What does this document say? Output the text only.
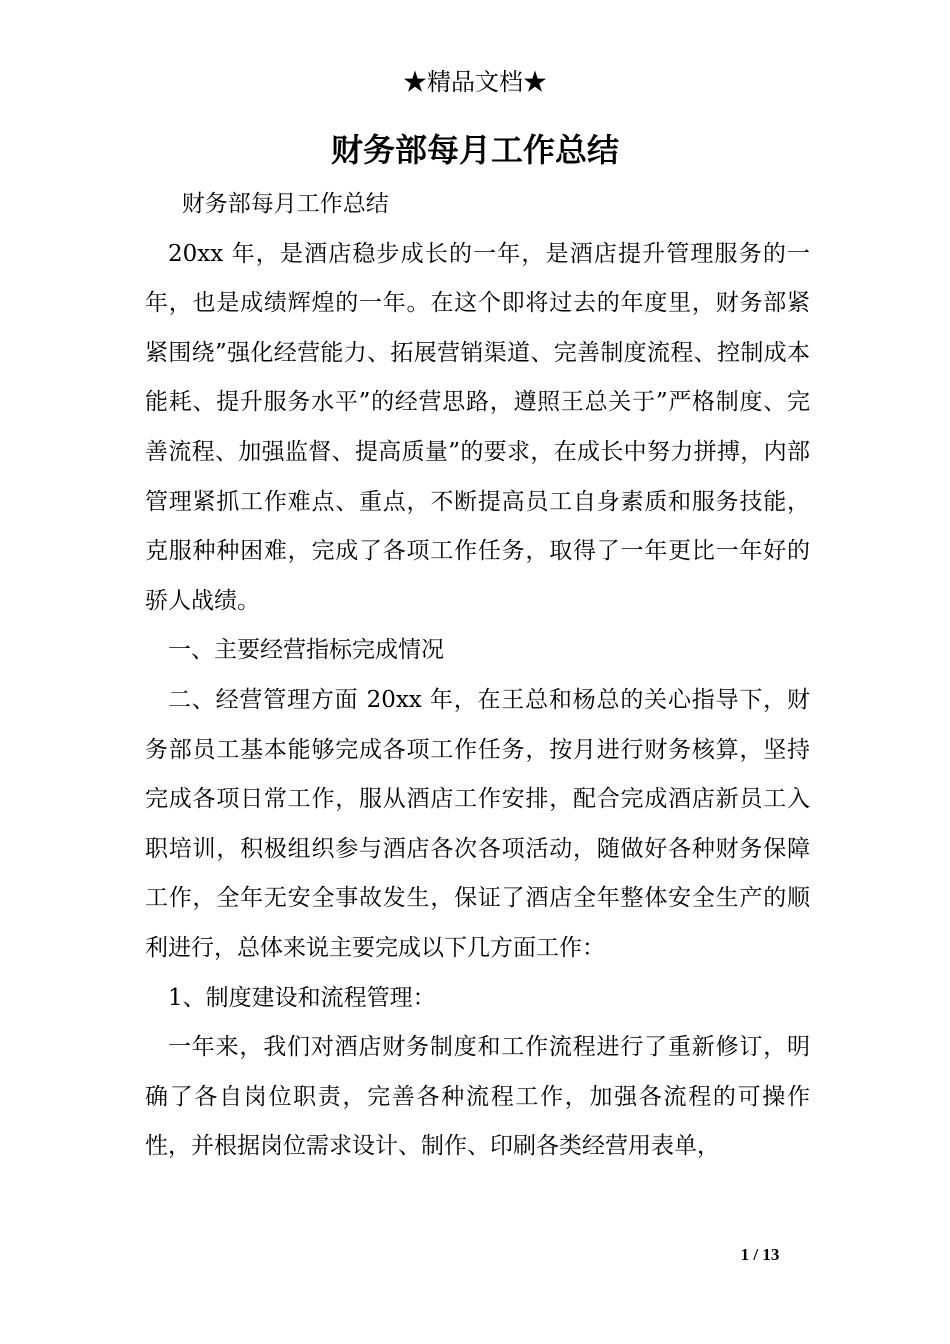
★精品文档★
财务部每月工作总结

财务部每月工作总结

20xx 年，是酒店稳步成长的一年，是酒店提升管理服务的一年，也是成绩辉煌的一年。在这个即将过去的年度里，财务部紧紧围绕”强化经营能力、拓展营销渠道、完善制度流程、控制成本能耗、提升服务水平”的经营思路，遵照王总关于”严格制度、完善流程、加强监督、提高质量”的要求，在成长中努力拼搏，内部管理紧抓工作难点、重点，不断提高员工自身素质和服务技能，克服种种困难，完成了各项工作任务，取得了一年更比一年好的骄人战绩。

一、主要经营指标完成情况

二、经营管理方面 20xx 年，在王总和杨总的关心指导下，财务部员工基本能够完成各项工作任务，按月进行财务核算，坚持完成各项日常工作，服从酒店工作安排，配合完成酒店新员工入职培训，积极组织参与酒店各次各项活动，随做好各种财务保障工作，全年无安全事故发生，保证了酒店全年整体安全生产的顺利进行，总体来说主要完成以下几方面工作：

1、制度建设和流程管理：

一年来，我们对酒店财务制度和工作流程进行了重新修订，明确了各自岗位职责，完善各种流程工作，加强各流程的可操作性，并根据岗位需求设计、制作、印刷各类经营用表单，

1 / 13
